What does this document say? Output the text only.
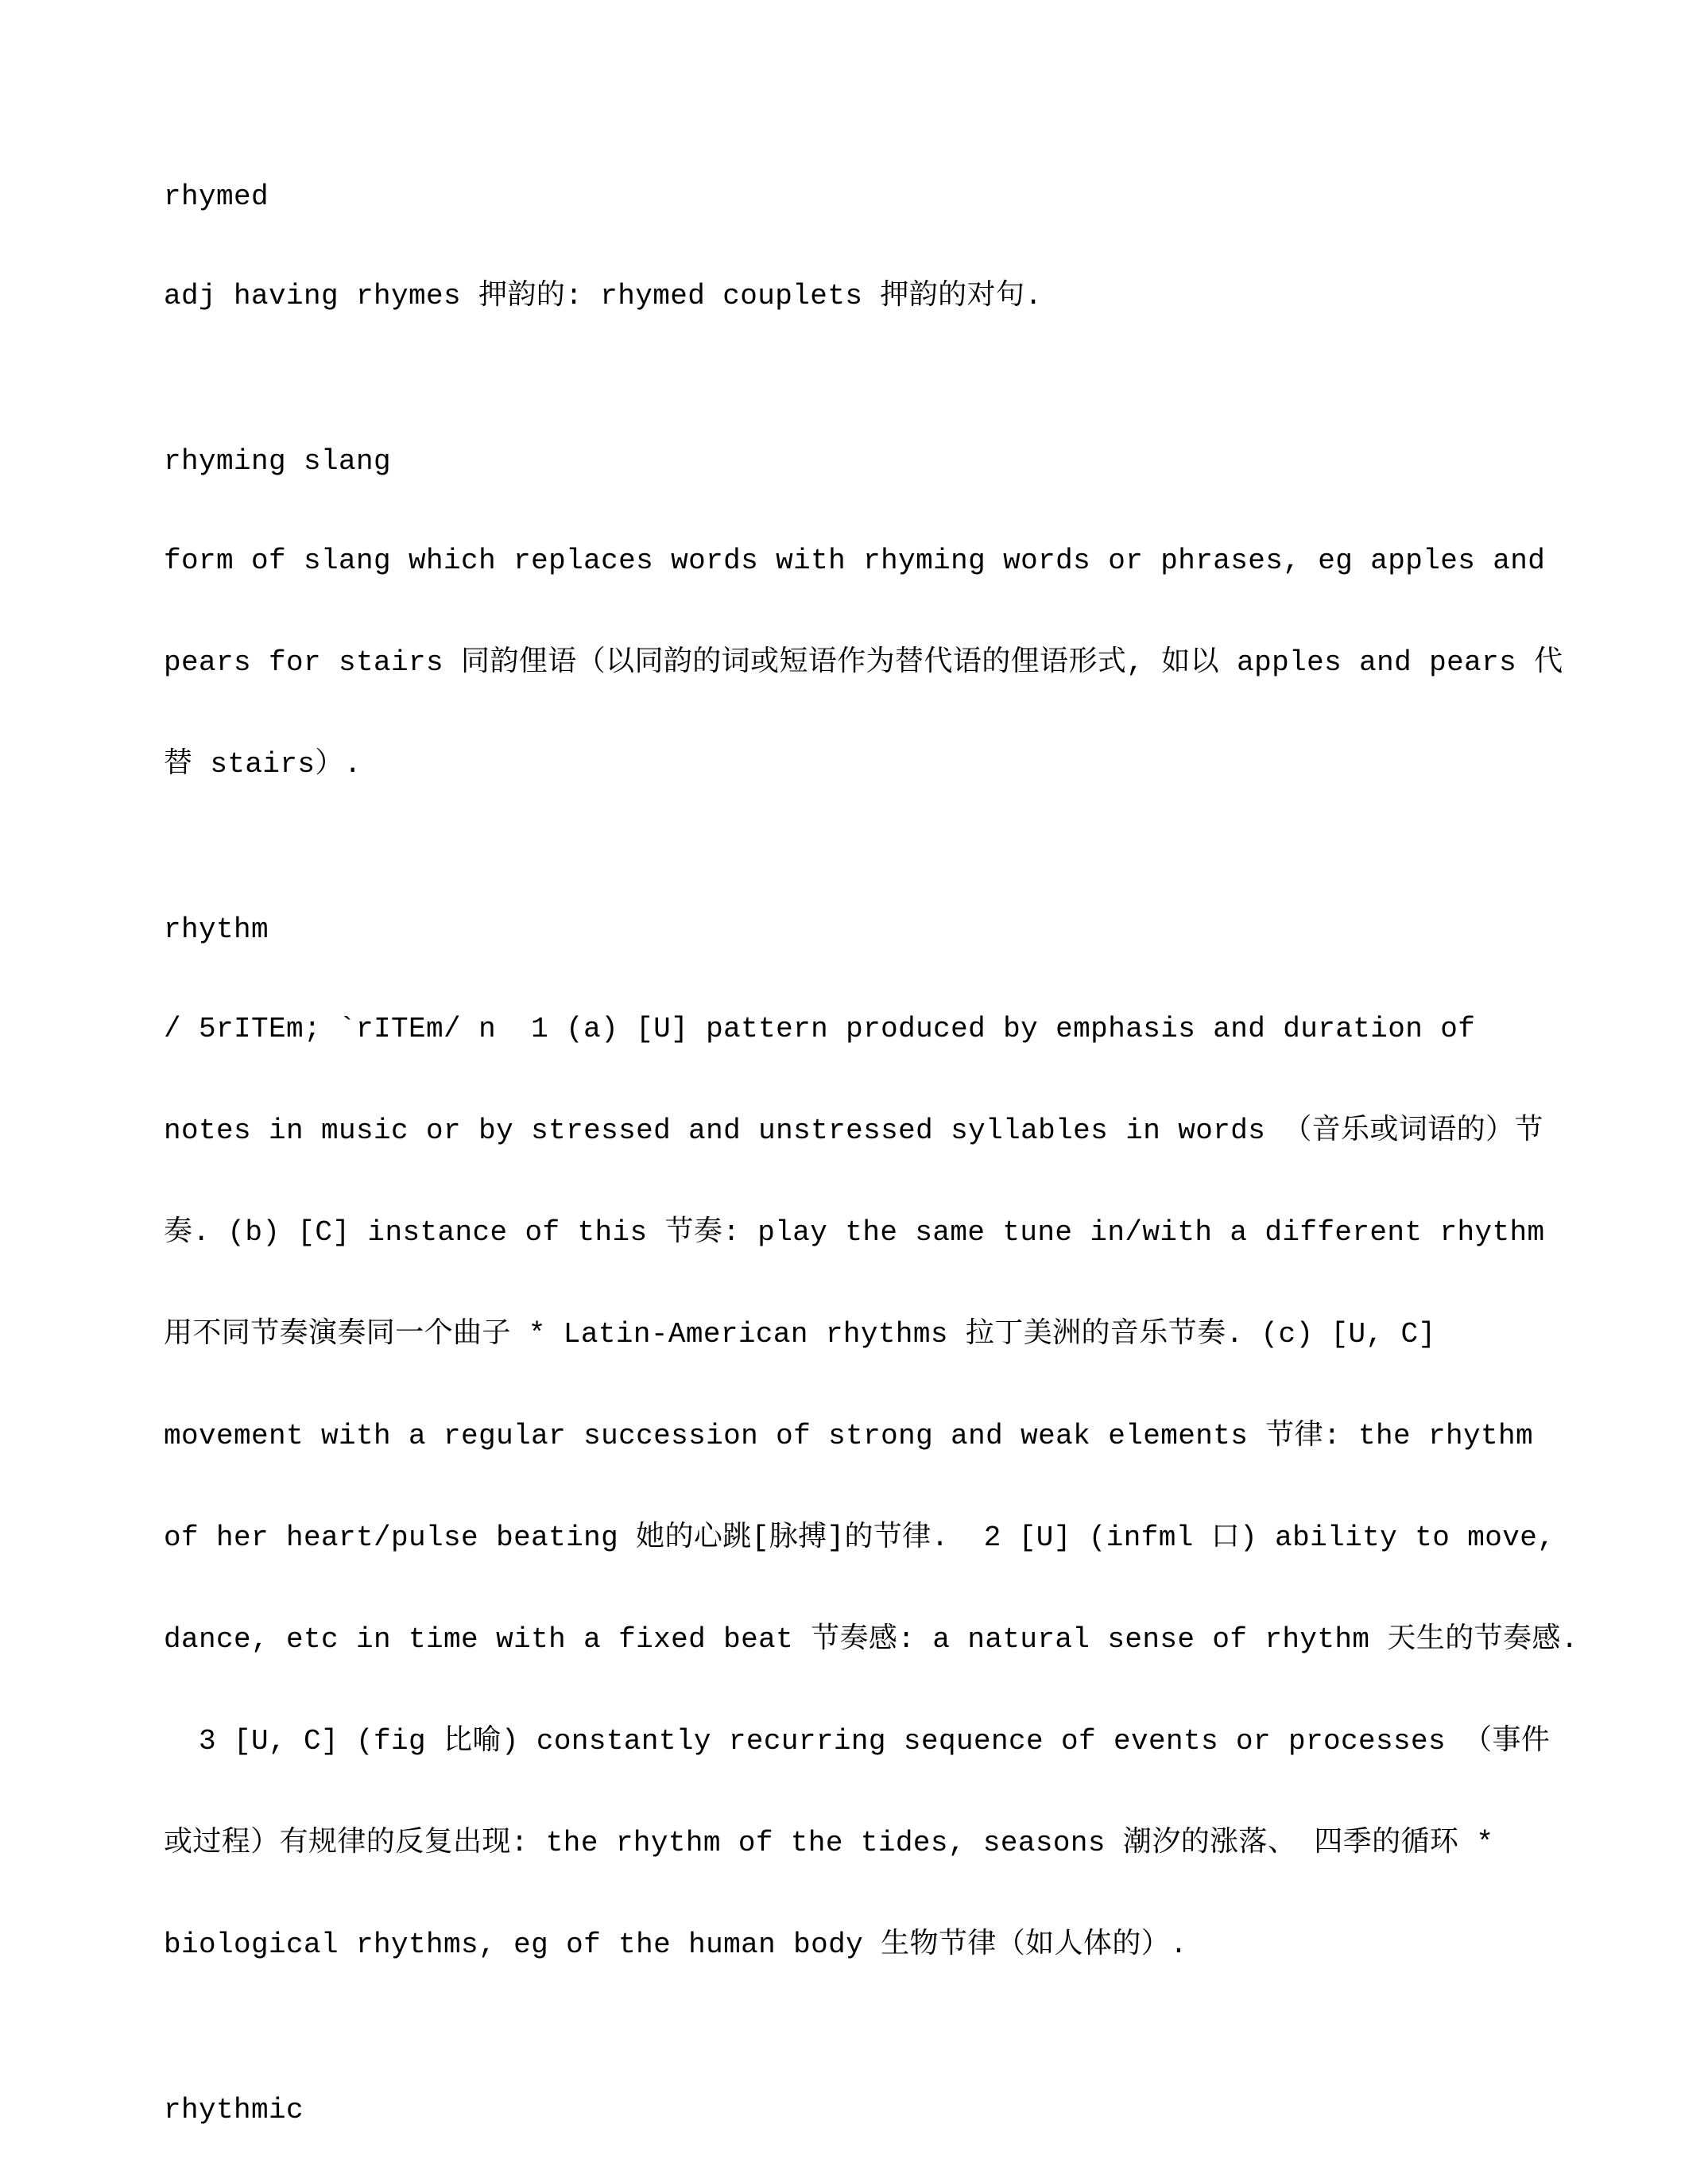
rhymed

adj having rhymes 押韵的: rhymed couplets 押韵的对句.

rhyming slang

form of slang which replaces words with rhyming words or phrases, eg apples and

pears for stairs 同韵俚语（以同韵的词或短语作为替代语的俚语形式, 如以 apples and pears 代

替 stairs）.

rhythm

/ 5rITEm; `rITEm/ n  1 (a) [U] pattern produced by emphasis and duration of

notes in music or by stressed and unstressed syllables in words （音乐或词语的）节

奏. (b) [C] instance of this 节奏: play the same tune in/with a different rhythm

用不同节奏演奏同一个曲子 * Latin-American rhythms 拉丁美洲的音乐节奏. (c) [U, C]

movement with a regular succession of strong and weak elements 节律: the rhythm

of her heart/pulse beating 她的心跳[脉搏]的节律.  2 [U] (infml 口) ability to move,

dance, etc in time with a fixed beat 节奏感: a natural sense of rhythm 天生的节奏感.

3 [U, C] (fig 比喻) constantly recurring sequence of events or processes （事件

或过程）有规律的反复出现: the rhythm of the tides, seasons 潮汐的涨落、 四季的循环 *

biological rhythms, eg of the human body 生物节律（如人体的）.

rhythmic
